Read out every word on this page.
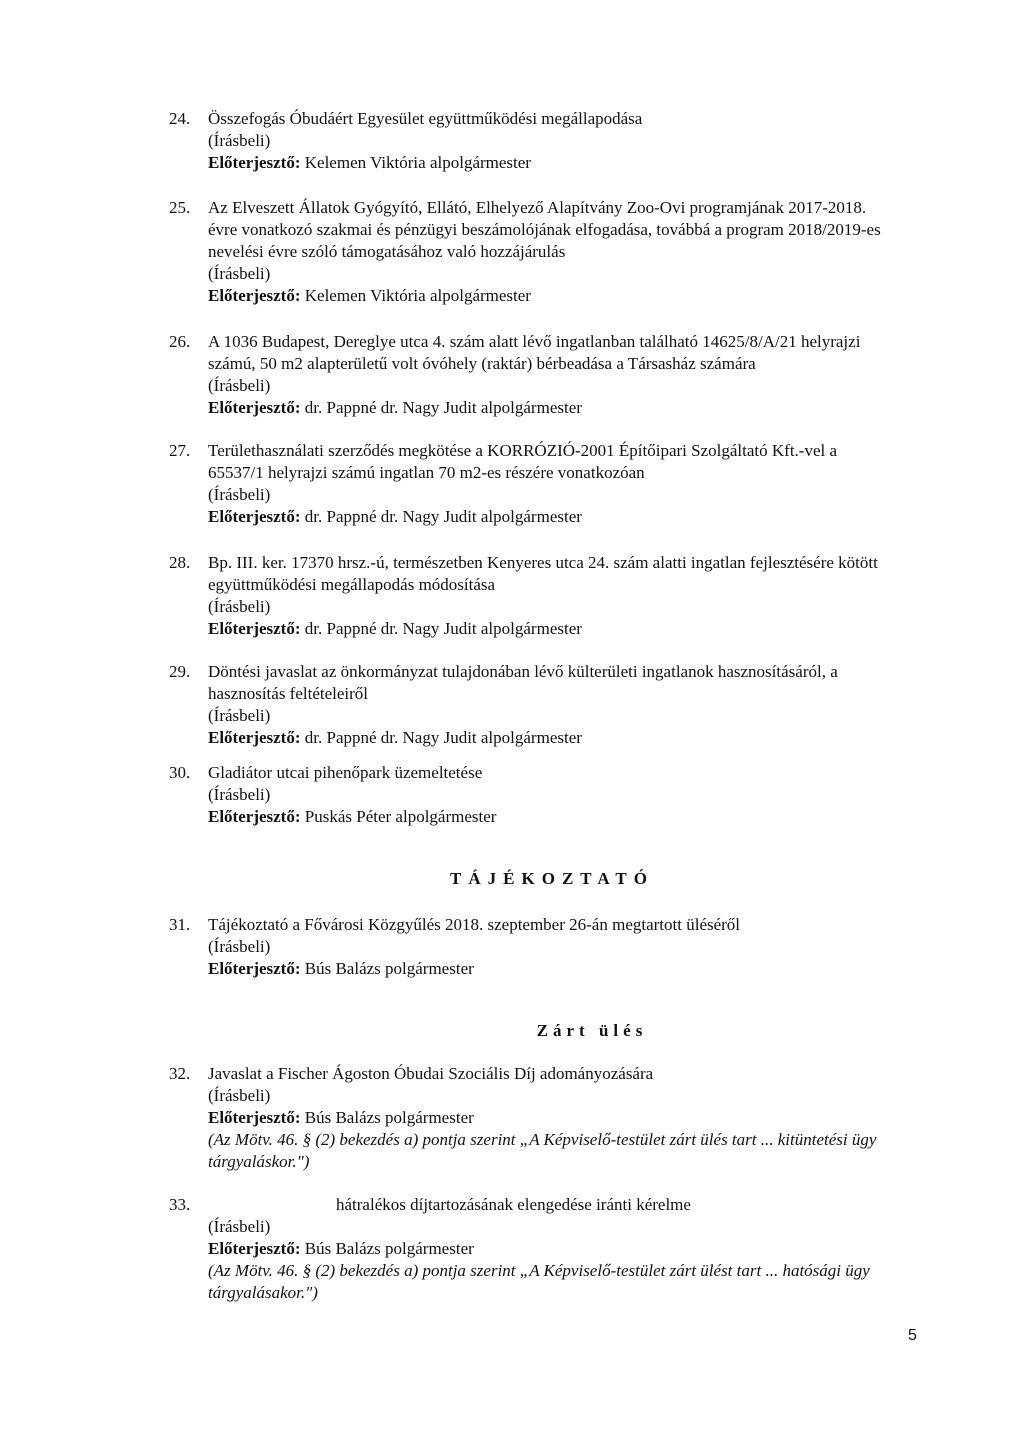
24. Összefogás Óbudáért Egyesület együttműködési megállapodása
(Írásbeli)
Előterjesztő: Kelemen Viktória alpolgármester
25. Az Elveszett Állatok Gyógyító, Ellátó, Elhelyező Alapítvány Zoo-Ovi programjának 2017-2018.
évre vonatkozó szakmai és pénzügyi beszámolójának elfogadása, továbbá a program 2018/2019-es
nevelési évre szóló támogatásához való hozzájárulás
(Írásbeli)
Előterjesztő: Kelemen Viktória alpolgármester
26. A 1036 Budapest, Dereglye utca 4. szám alatt lévő ingatlanban található 14625/8/A/21 helyrajzi
számú, 50 m2 alapterületű volt óvóhely (raktár) bérbeadása a Társasház számára
(Írásbeli)
Előterjesztő: dr. Pappné dr. Nagy Judit alpolgármester
27. Területhasználati szerződés megkötése a KORRÓZIÓ-2001 Építőipari Szolgáltató Kft.-vel a
65537/1 helyrajzi számú ingatlan 70 m2-es részére vonatkozóan
(Írásbeli)
Előterjesztő: dr. Pappné dr. Nagy Judit alpolgármester
28. Bp. III. ker. 17370 hrsz.-ú, természetben Kenyeres utca 24. szám alatti ingatlan fejlesztésére kötött
együttműködési megállapodás módosítása
(Írásbeli)
Előterjesztő: dr. Pappné dr. Nagy Judit alpolgármester
29. Döntési javaslat az önkormányzat tulajdonában lévő külterületi ingatlanok hasznosításáról, a
hasznosítás feltételeiről
(Írásbeli)
Előterjesztő: dr. Pappné dr. Nagy Judit alpolgármester
30. Gladiátor utcai pihenőpark üzemeltetése
(Írásbeli)
Előterjesztő: Puskás Péter alpolgármester
TÁJÉKOZTATÓ
31. Tájékoztató a Fővárosi Közgyűlés 2018. szeptember 26-án megtartott üléséről
(Írásbeli)
Előterjesztő: Bús Balázs polgármester
Zárt ülés
32. Javaslat a Fischer Ágoston Óbudai Szociális Díj adományozására
(Írásbeli)
Előterjesztő: Bús Balázs polgármester
(Az Mötv. 46. § (2) bekezdés a) pontja szerint „A Képviselő-testület zárt ülés tart ... kitüntetési ügy tárgyaláskor.")
33.	hátralékos díjtartozásának elengedése iránti kérelme
(Írásbeli)
Előterjesztő: Bús Balázs polgármester
(Az Mötv. 46. § (2) bekezdés a) pontja szerint „A Képviselő-testület zárt ülést tart ... hatósági ügy tárgyalásakor.")
5
